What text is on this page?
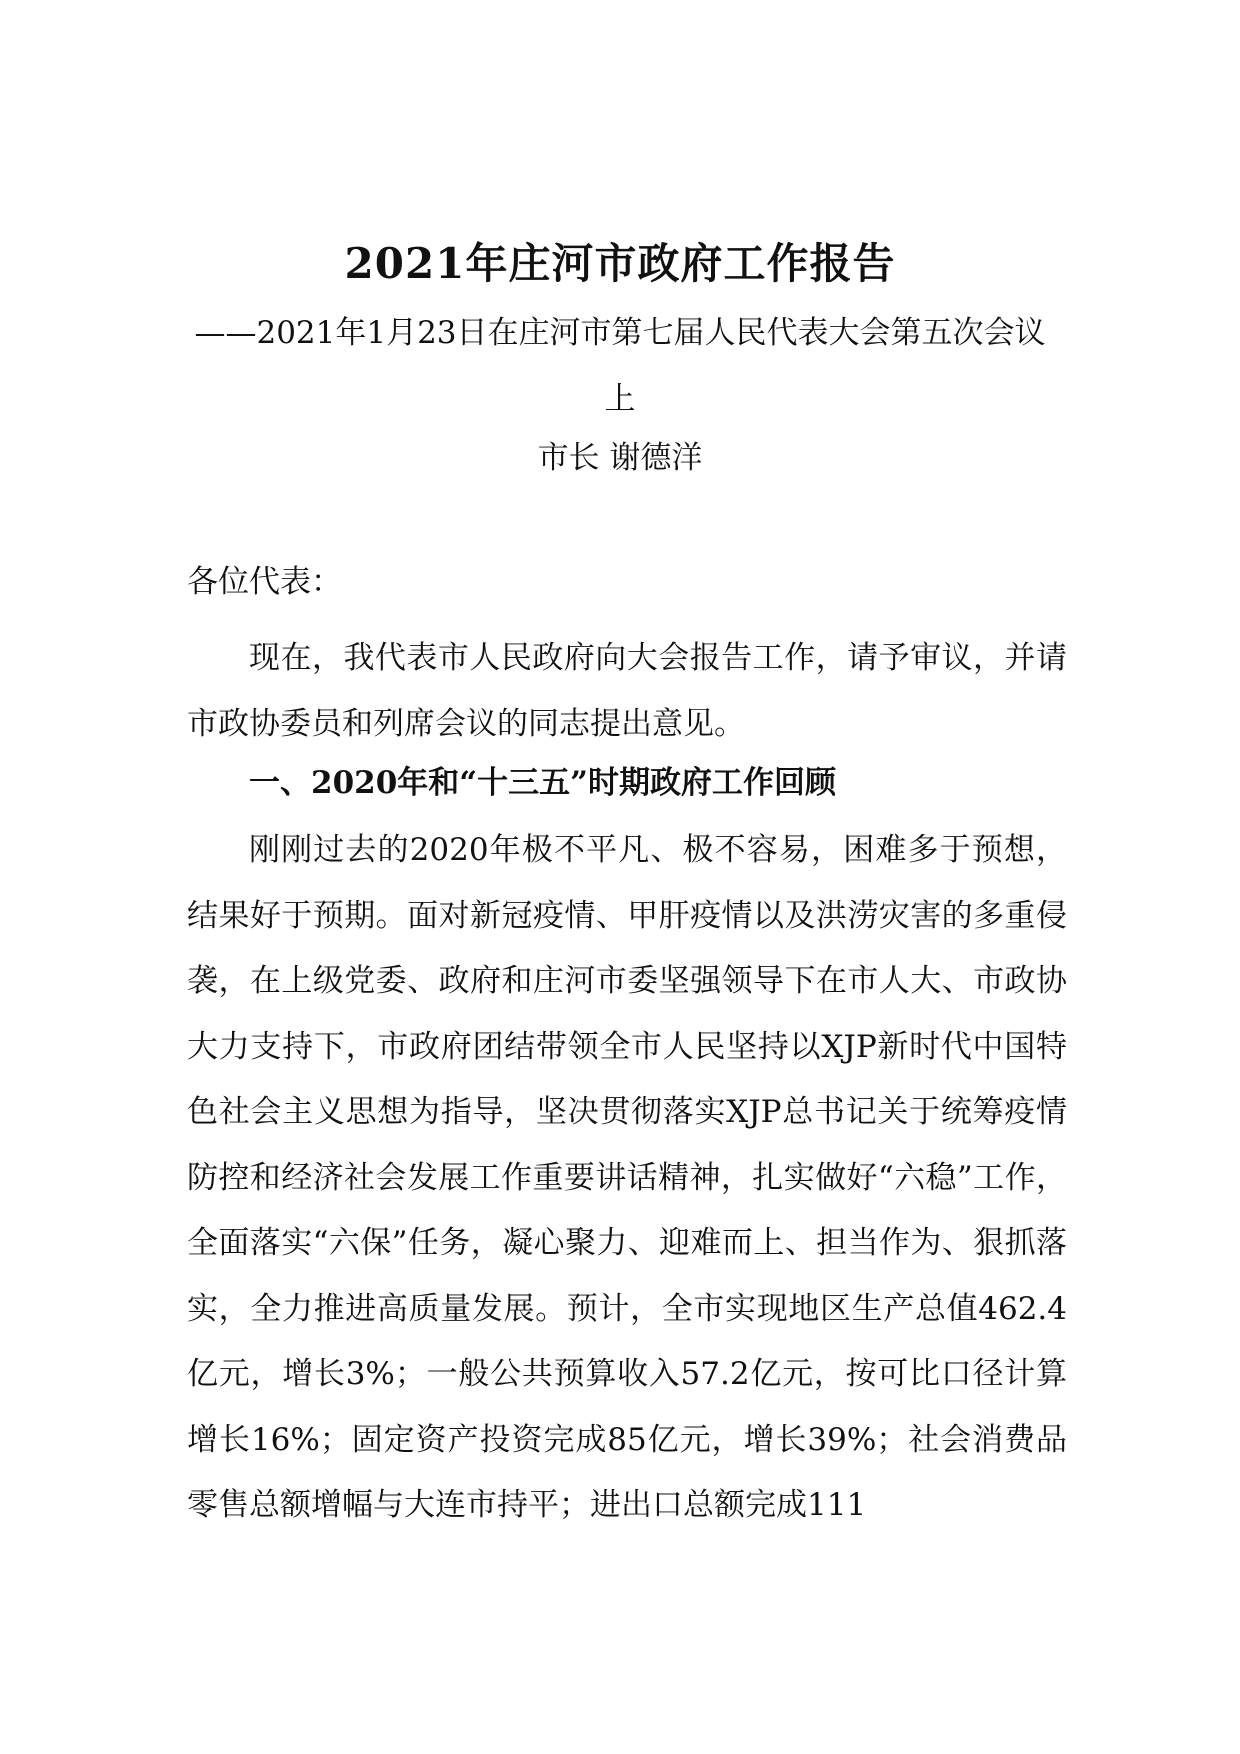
2021年庄河市政府工作报告
——2021年1月23日在庄河市第七届人民代表大会第五次会议上
市长 谢德洋
各位代表：

现在，我代表市人民政府向大会报告工作，请予审议，并请市政协委员和列席会议的同志提出意见。

一、2020年和“十三五”时期政府工作回顾

刚刚过去的2020年极不平凡、极不容易，困难多于预想，结果好于预期。面对新冠疫情、甲肝疫情以及洪涝灾害的多重侵袭，在上级党委、政府和庄河市委坚强领导下在市人大、市政协大力支持下，市政府团结带领全市人民坚持以XJP新时代中国特色社会主义思想为指导，坚决贯彻落实XJP总书记关于统筹疫情防控和经济社会发展工作重要讲话精神，扎实做好“六稳”工作，全面落实“六保”任务，凝心聚力、迎难而上、担当作为、狠抓落实，全力推进高质量发展。预计，全市实现地区生产总值462.4亿元，增长3%；一般公共预算收入57.2亿元，按可比口径计算增长16%；固定资产投资完成85亿元，增长39%；社会消费品零售总额增幅与大连市持平；进出口总额完成111
